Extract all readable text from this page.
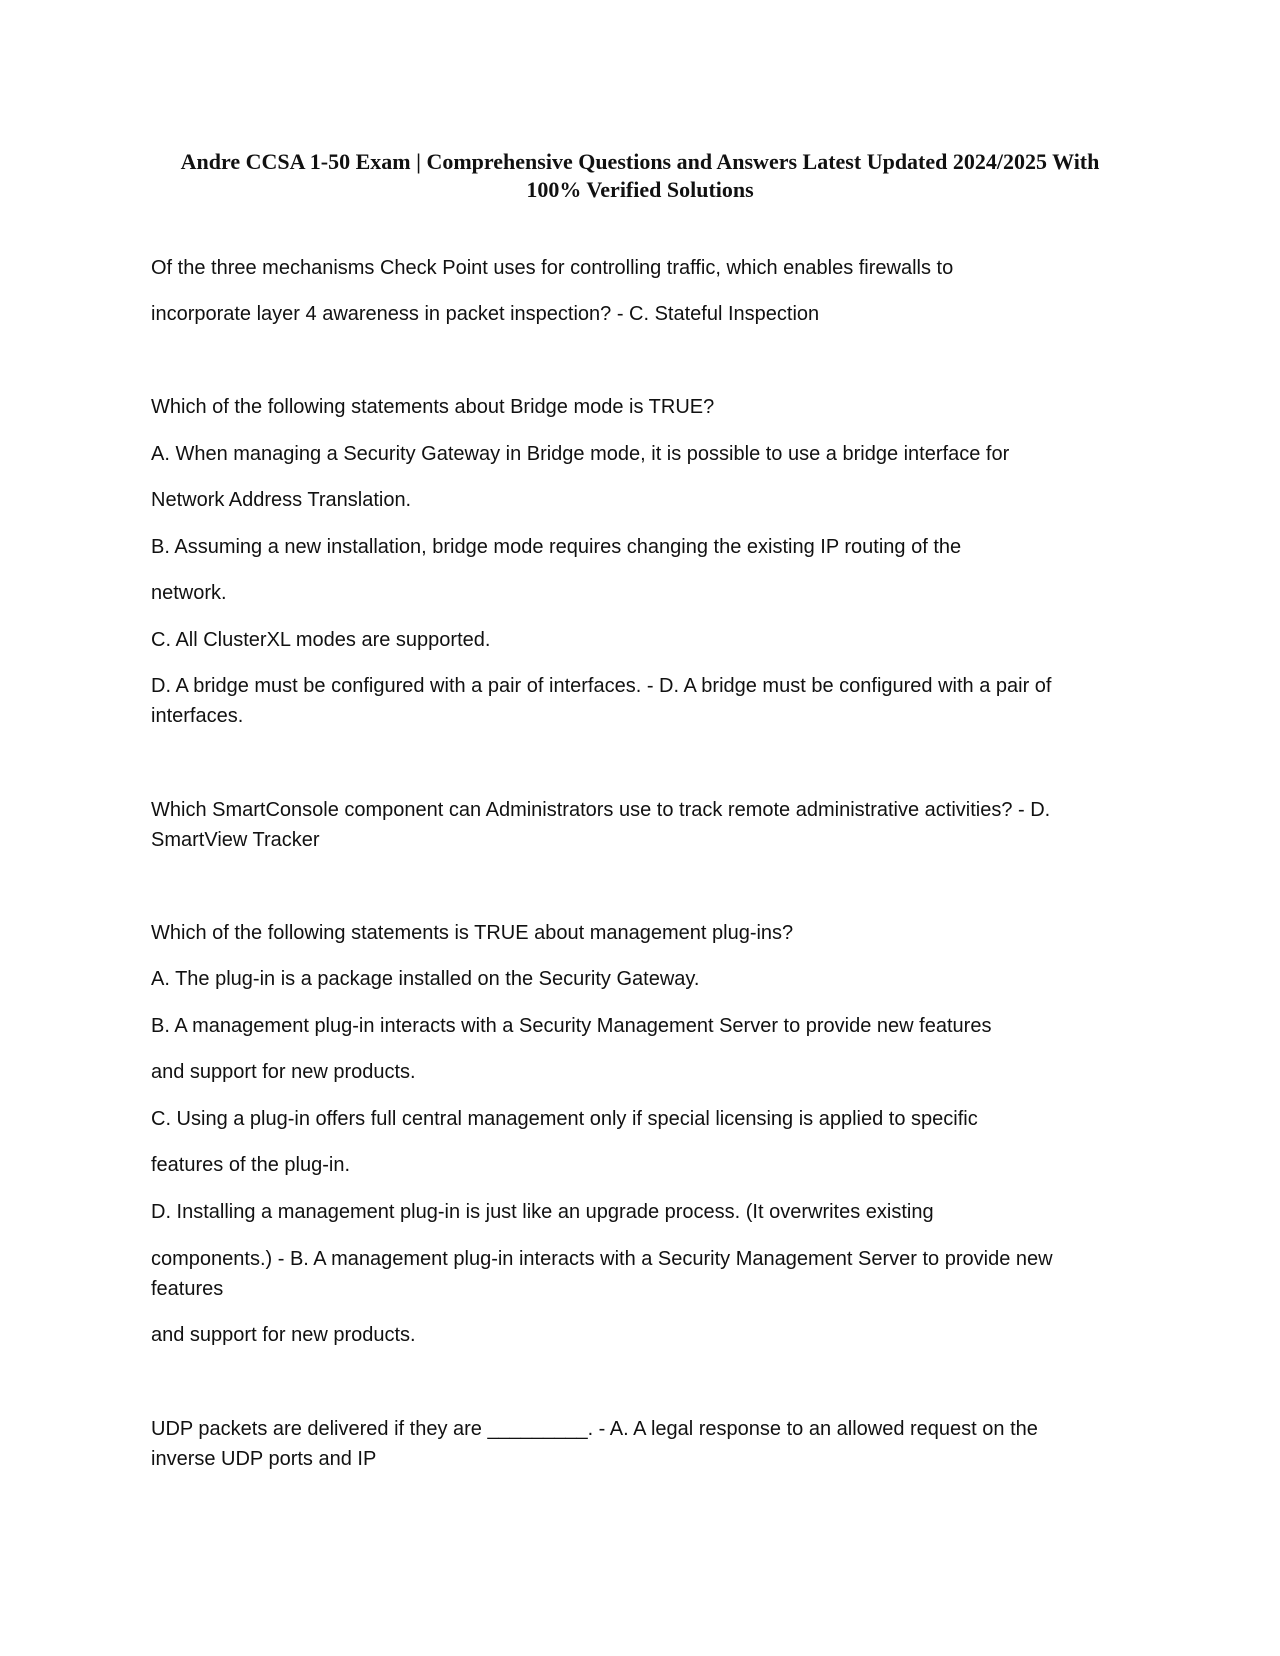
Andre CCSA 1-50 Exam | Comprehensive Questions and Answers Latest Updated 2024/2025 With
100% Verified Solutions
Of the three mechanisms Check Point uses for controlling traffic, which enables firewalls to
incorporate layer 4 awareness in packet inspection? - C. Stateful Inspection
Which of the following statements about Bridge mode is TRUE?
A. When managing a Security Gateway in Bridge mode, it is possible to use a bridge interface for
Network Address Translation.
B. Assuming a new installation, bridge mode requires changing the existing IP routing of the
network.
C. All ClusterXL modes are supported.
D. A bridge must be configured with a pair of interfaces. - D. A bridge must be configured with a pair of
interfaces.
Which SmartConsole component can Administrators use to track remote administrative activities? - D.
SmartView Tracker
Which of the following statements is TRUE about management plug-ins?
A. The plug-in is a package installed on the Security Gateway.
B. A management plug-in interacts with a Security Management Server to provide new features
and support for new products.
C. Using a plug-in offers full central management only if special licensing is applied to specific
features of the plug-in.
D. Installing a management plug-in is just like an upgrade process. (It overwrites existing
components.) - B. A management plug-in interacts with a Security Management Server to provide new
features
and support for new products.
UDP packets are delivered if they are _________. - A. A legal response to an allowed request on the
inverse UDP ports and IP
